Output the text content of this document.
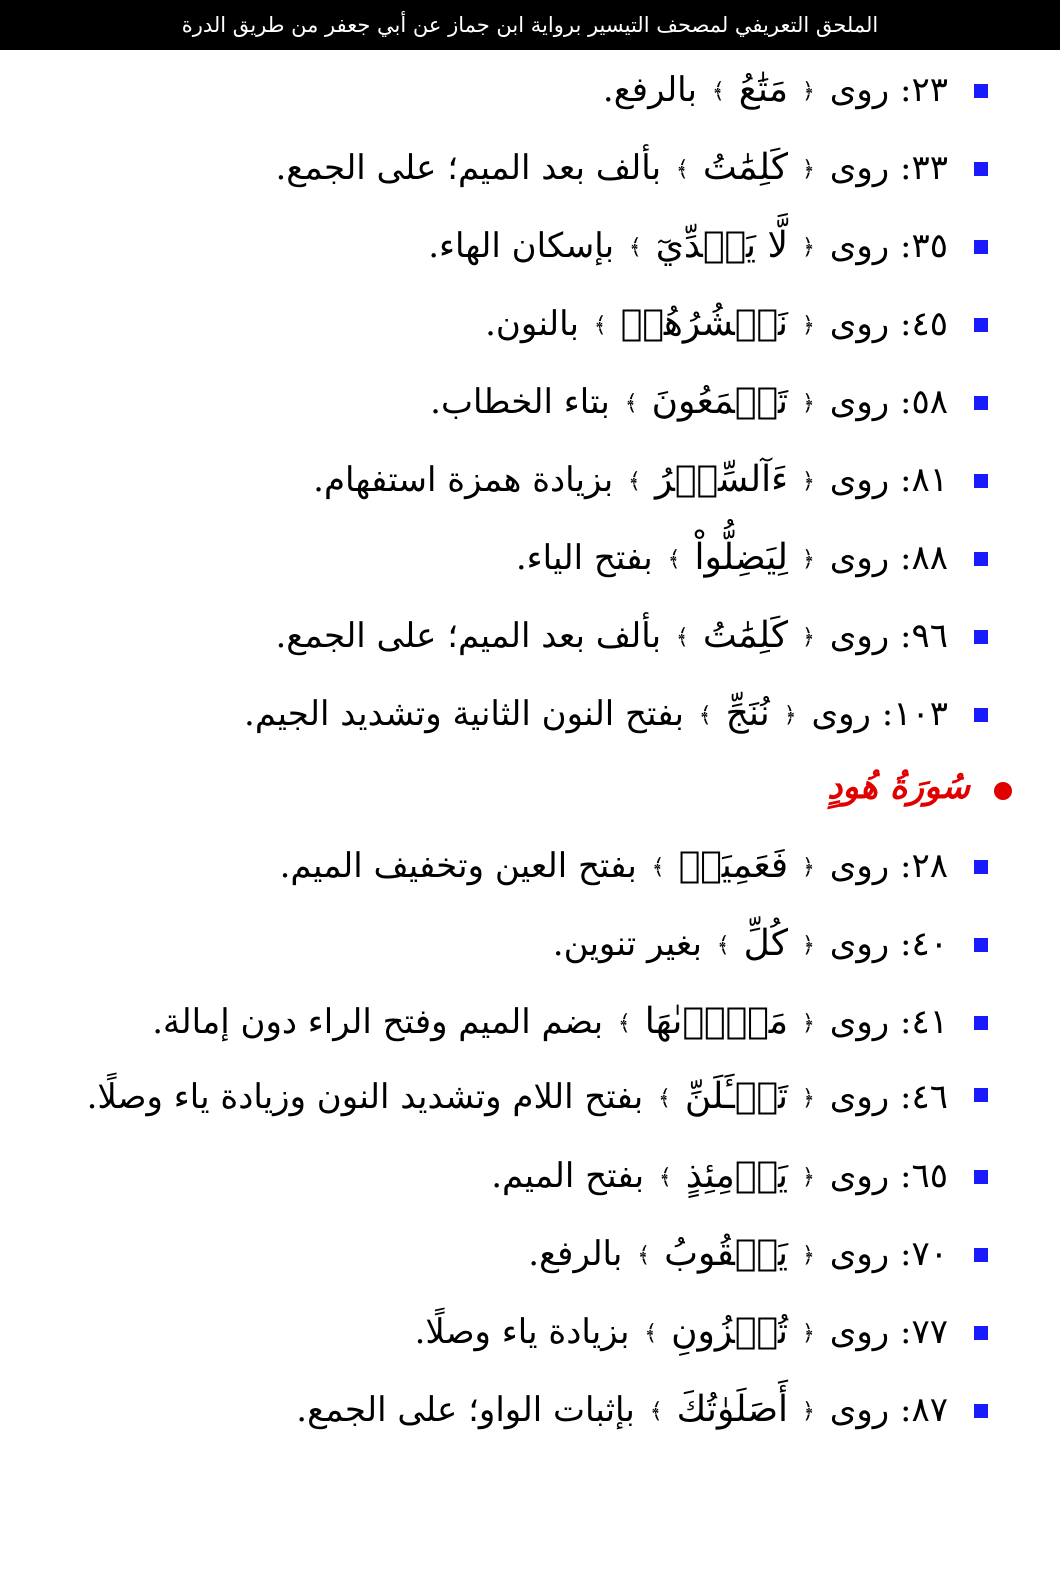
الملحق التعريفي لمصحف التيسير برواية ابن جماز عن أبي جعفر من طريق الدرة
٢٣: روى ﴿مَتَٰعُ﴾ بالرفع.
٣٣: روى ﴿كَلِمَٰتُ﴾ بألف بعد الميم؛ على الجمع.
٣٥: روى ﴿لَّا يَهۡدِّيٓ﴾ بإسكان الهاء.
٤٥: روى ﴿نَحۡشُرُهُمۡ﴾ بالنون.
٥٨: روى ﴿تَجۡمَعُونَ﴾ بتاء الخطاب.
٨١: روى ﴿ءَآلسِّحۡرُ﴾ بزيادة همزة استفهام.
٨٨: روى ﴿لِيَضِلُّواْ﴾ بفتح الياء.
٩٦: روى ﴿كَلِمَٰتُ﴾ بألف بعد الميم؛ على الجمع.
١٠٣: روى ﴿نُنَجِّ﴾ بفتح النون الثانية وتشديد الجيم.
سُورَةُ هُودٍ
٢٨: روى ﴿فَعَمِيَتۡ﴾ بفتح العين وتخفيف الميم.
٤٠: روى ﴿كُلِّ﴾ بغير تنوين.
٤١: روى ﴿مَجۡرٜىٰهَا﴾ بضم الميم وفتح الراء دون إمالة.
٤٦: روى ﴿تَسۡـَٔلَنِّ﴾ بفتح اللام وتشديد النون وزيادة ياء وصلًا.
٦٥: روى ﴿يَوۡمِئِذٍ﴾ بفتح الميم.
٧٠: روى ﴿يَعۡقُوبُ﴾ بالرفع.
٧٧: روى ﴿تُخۡزُونِ﴾ بزيادة ياء وصلًا.
٨٧: روى ﴿أَصَلَوٰتُكَ﴾ بإثبات الواو؛ على الجمع.
